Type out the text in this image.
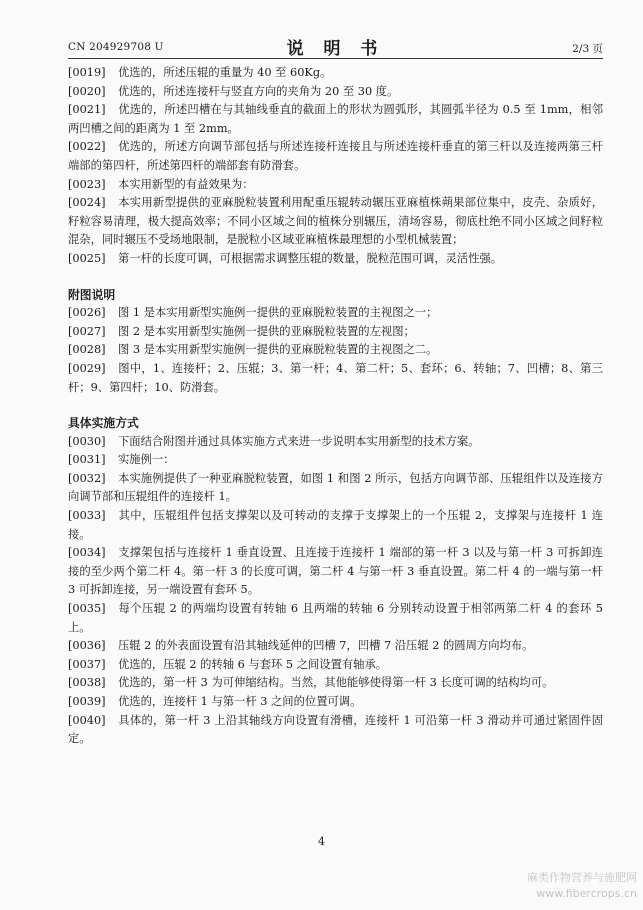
CN 204929708 U	说 明 书	2/3 页

[0019] 优选的，所述压辊的重量为 40 至 60Kg。

[0020] 优选的，所述连接杆与竖直方向的夹角为 20 至 30 度。

[0021] 优选的，所述凹槽在与其轴线垂直的截面上的形状为圆弧形，其圆弧半径为 0.5 至 1mm，相邻两凹槽之间的距离为 1 至 2mm。

[0022] 优选的，所述方向调节部包括与所述连接杆连接且与所述连接杆垂直的第三杆以及连接两第三杆端部的第四杆，所述第四杆的端部套有防滑套。

[0023] 本实用新型的有益效果为：

[0024] 本实用新型提供的亚麻脱粒装置利用配重压辊转动辗压亚麻植株蒴果部位集中，皮壳、杂质好，籽粒容易清理，极大提高效率；不同小区域之间的植株分别辗压，清场容易，彻底杜绝不同小区域之间籽粒混杂，同时辗压不受场地限制，是脱粒小区域亚麻植株最理想的小型机械装置；

[0025] 第一杆的长度可调，可根据需求调整压辊的数量，脱粒范围可调，灵活性强。

附图说明

[0026] 图 1 是本实用新型实施例一提供的亚麻脱粒装置的主视图之一；

[0027] 图 2 是本实用新型实施例一提供的亚麻脱粒装置的左视图；

[0028] 图 3 是本实用新型实施例一提供的亚麻脱粒装置的主视图之二。

[0029] 图中，1、连接杆；2、压辊；3、第一杆；4、第二杆；5、套环；6、转轴；7、凹槽；8、第三杆；9、第四杆；10、防滑套。

具体实施方式

[0030] 下面结合附图并通过具体实施方式来进一步说明本实用新型的技术方案。

[0031] 实施例一：

[0032] 本实施例提供了一种亚麻脱粒装置，如图 1 和图 2 所示，包括方向调节部、压辊组件以及连接方向调节部和压辊组件的连接杆 1。

[0033] 其中，压辊组件包括支撑架以及可转动的支撑于支撑架上的一个压辊 2，支撑架与连接杆 1 连接。

[0034] 支撑架包括与连接杆 1 垂直设置、且连接于连接杆 1 端部的第一杆 3 以及与第一杆 3 可拆卸连接的至少两个第二杆 4。第一杆 3 的长度可调，第二杆 4 与第一杆 3 垂直设置。第二杆 4 的一端与第一杆 3 可拆卸连接，另一端设置有套环 5。

[0035] 每个压辊 2 的两端均设置有转轴 6 且两端的转轴 6 分别转动设置于相邻两第二杆 4 的套环 5 上。

[0036] 压辊 2 的外表面设置有沿其轴线延伸的凹槽 7，凹槽 7 沿压辊 2 的圆周方向均布。

[0037] 优选的，压辊 2 的转轴 6 与套环 5 之间设置有轴承。

[0038] 优选的，第一杆 3 为可伸缩结构。当然，其他能够使得第一杆 3 长度可调的结构均可。

[0039] 优选的，连接杆 1 与第一杆 3 之间的位置可调。

[0040] 具体的，第一杆 3 上沿其轴线方向设置有滑槽，连接杆 1 可沿第一杆 3 滑动并可通过紧固件固定。

4
麻类作物营养与施肥网
www.fibercrops.cn
